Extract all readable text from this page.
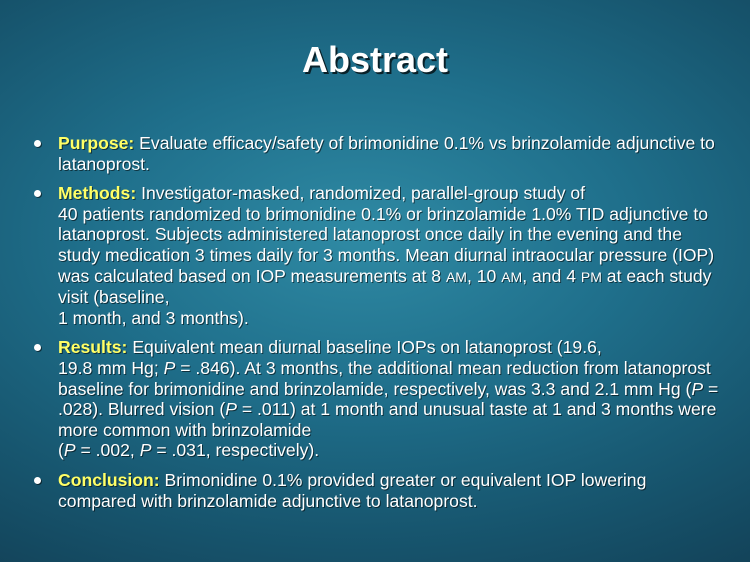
Abstract
Purpose: Evaluate efficacy/safety of brimonidine 0.1% vs brinzolamide adjunctive to latanoprost.
Methods: Investigator-masked, randomized, parallel-group study of
40 patients randomized to brimonidine 0.1% or brinzolamide 1.0% TID adjunctive to latanoprost. Subjects administered latanoprost once daily in the evening and the study medication 3 times daily for 3 months. Mean diurnal intraocular pressure (IOP) was calculated based on IOP measurements at 8 AM, 10 AM, and 4 PM at each study visit (baseline,
1 month, and 3 months).
Results: Equivalent mean diurnal baseline IOPs on latanoprost (19.6,
19.8 mm Hg; P = .846). At 3 months, the additional mean reduction from latanoprost baseline for brimonidine and brinzolamide, respectively, was 3.3 and 2.1 mm Hg (P = .028). Blurred vision (P = .011) at 1 month and unusual taste at 1 and 3 months were more common with brinzolamide
(P = .002, P = .031, respectively).
Conclusion: Brimonidine 0.1% provided greater or equivalent IOP lowering compared with brinzolamide adjunctive to latanoprost.
